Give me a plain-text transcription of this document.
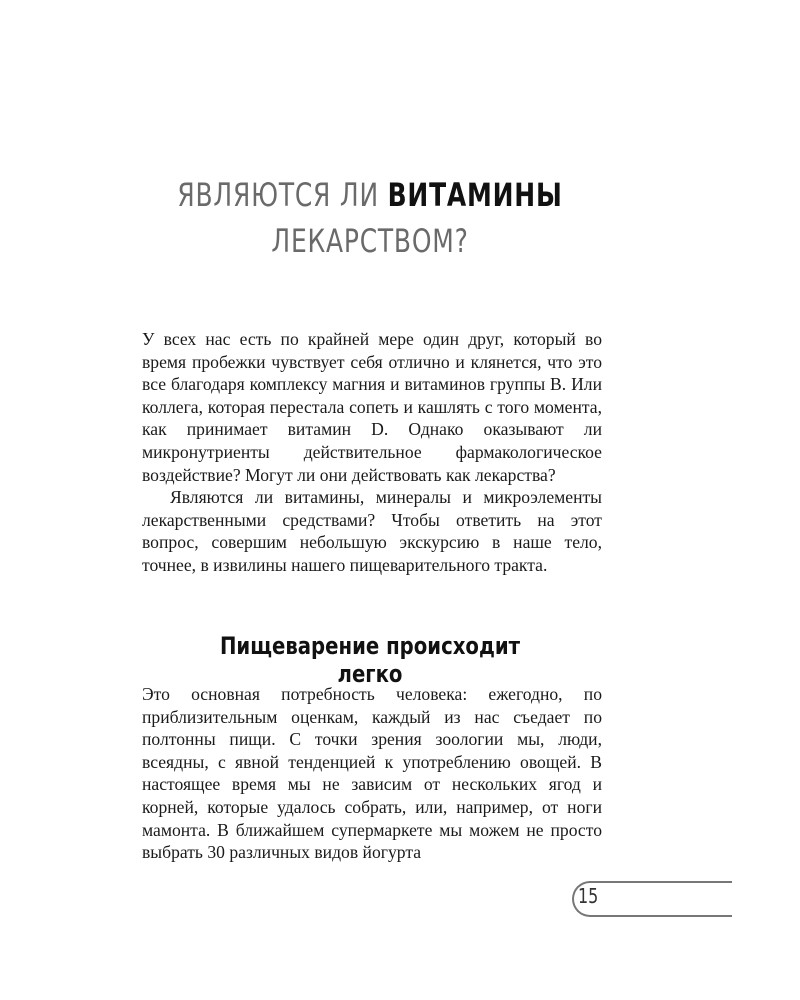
ЯВЛЯЮТСЯ ЛИ ВИТАМИНЫ
ЛЕКАРСТВОМ?

У всех нас есть по крайней мере один друг, который во время пробежки чувствует себя отлично и клянется, что это все благодаря комплексу магния и витаминов группы B. Или коллега, которая перестала сопеть и кашлять с того момента, как принимает витамин D. Однако оказывают ли микронутриенты действительное фармакологическое воздействие? Могут ли они действовать как лекарства?

Являются ли витамины, минералы и микроэлементы лекарственными средствами? Чтобы ответить на этот вопрос, совершим небольшую экскурсию в наше тело, точнее, в извилины нашего пищеварительного тракта.

Пищеварение происходит легко

Это основная потребность человека: ежегодно, по приблизительным оценкам, каждый из нас съедает по полтонны пищи. С точки зрения зоологии мы, люди, всеядны, с явной тенденцией к употреблению овощей. В настоящее время мы не зависим от нескольких ягод и корней, которые удалось собрать, или, например, от ноги мамонта. В ближайшем супермаркете мы можем не просто выбрать 30 различных видов йогурта

15
